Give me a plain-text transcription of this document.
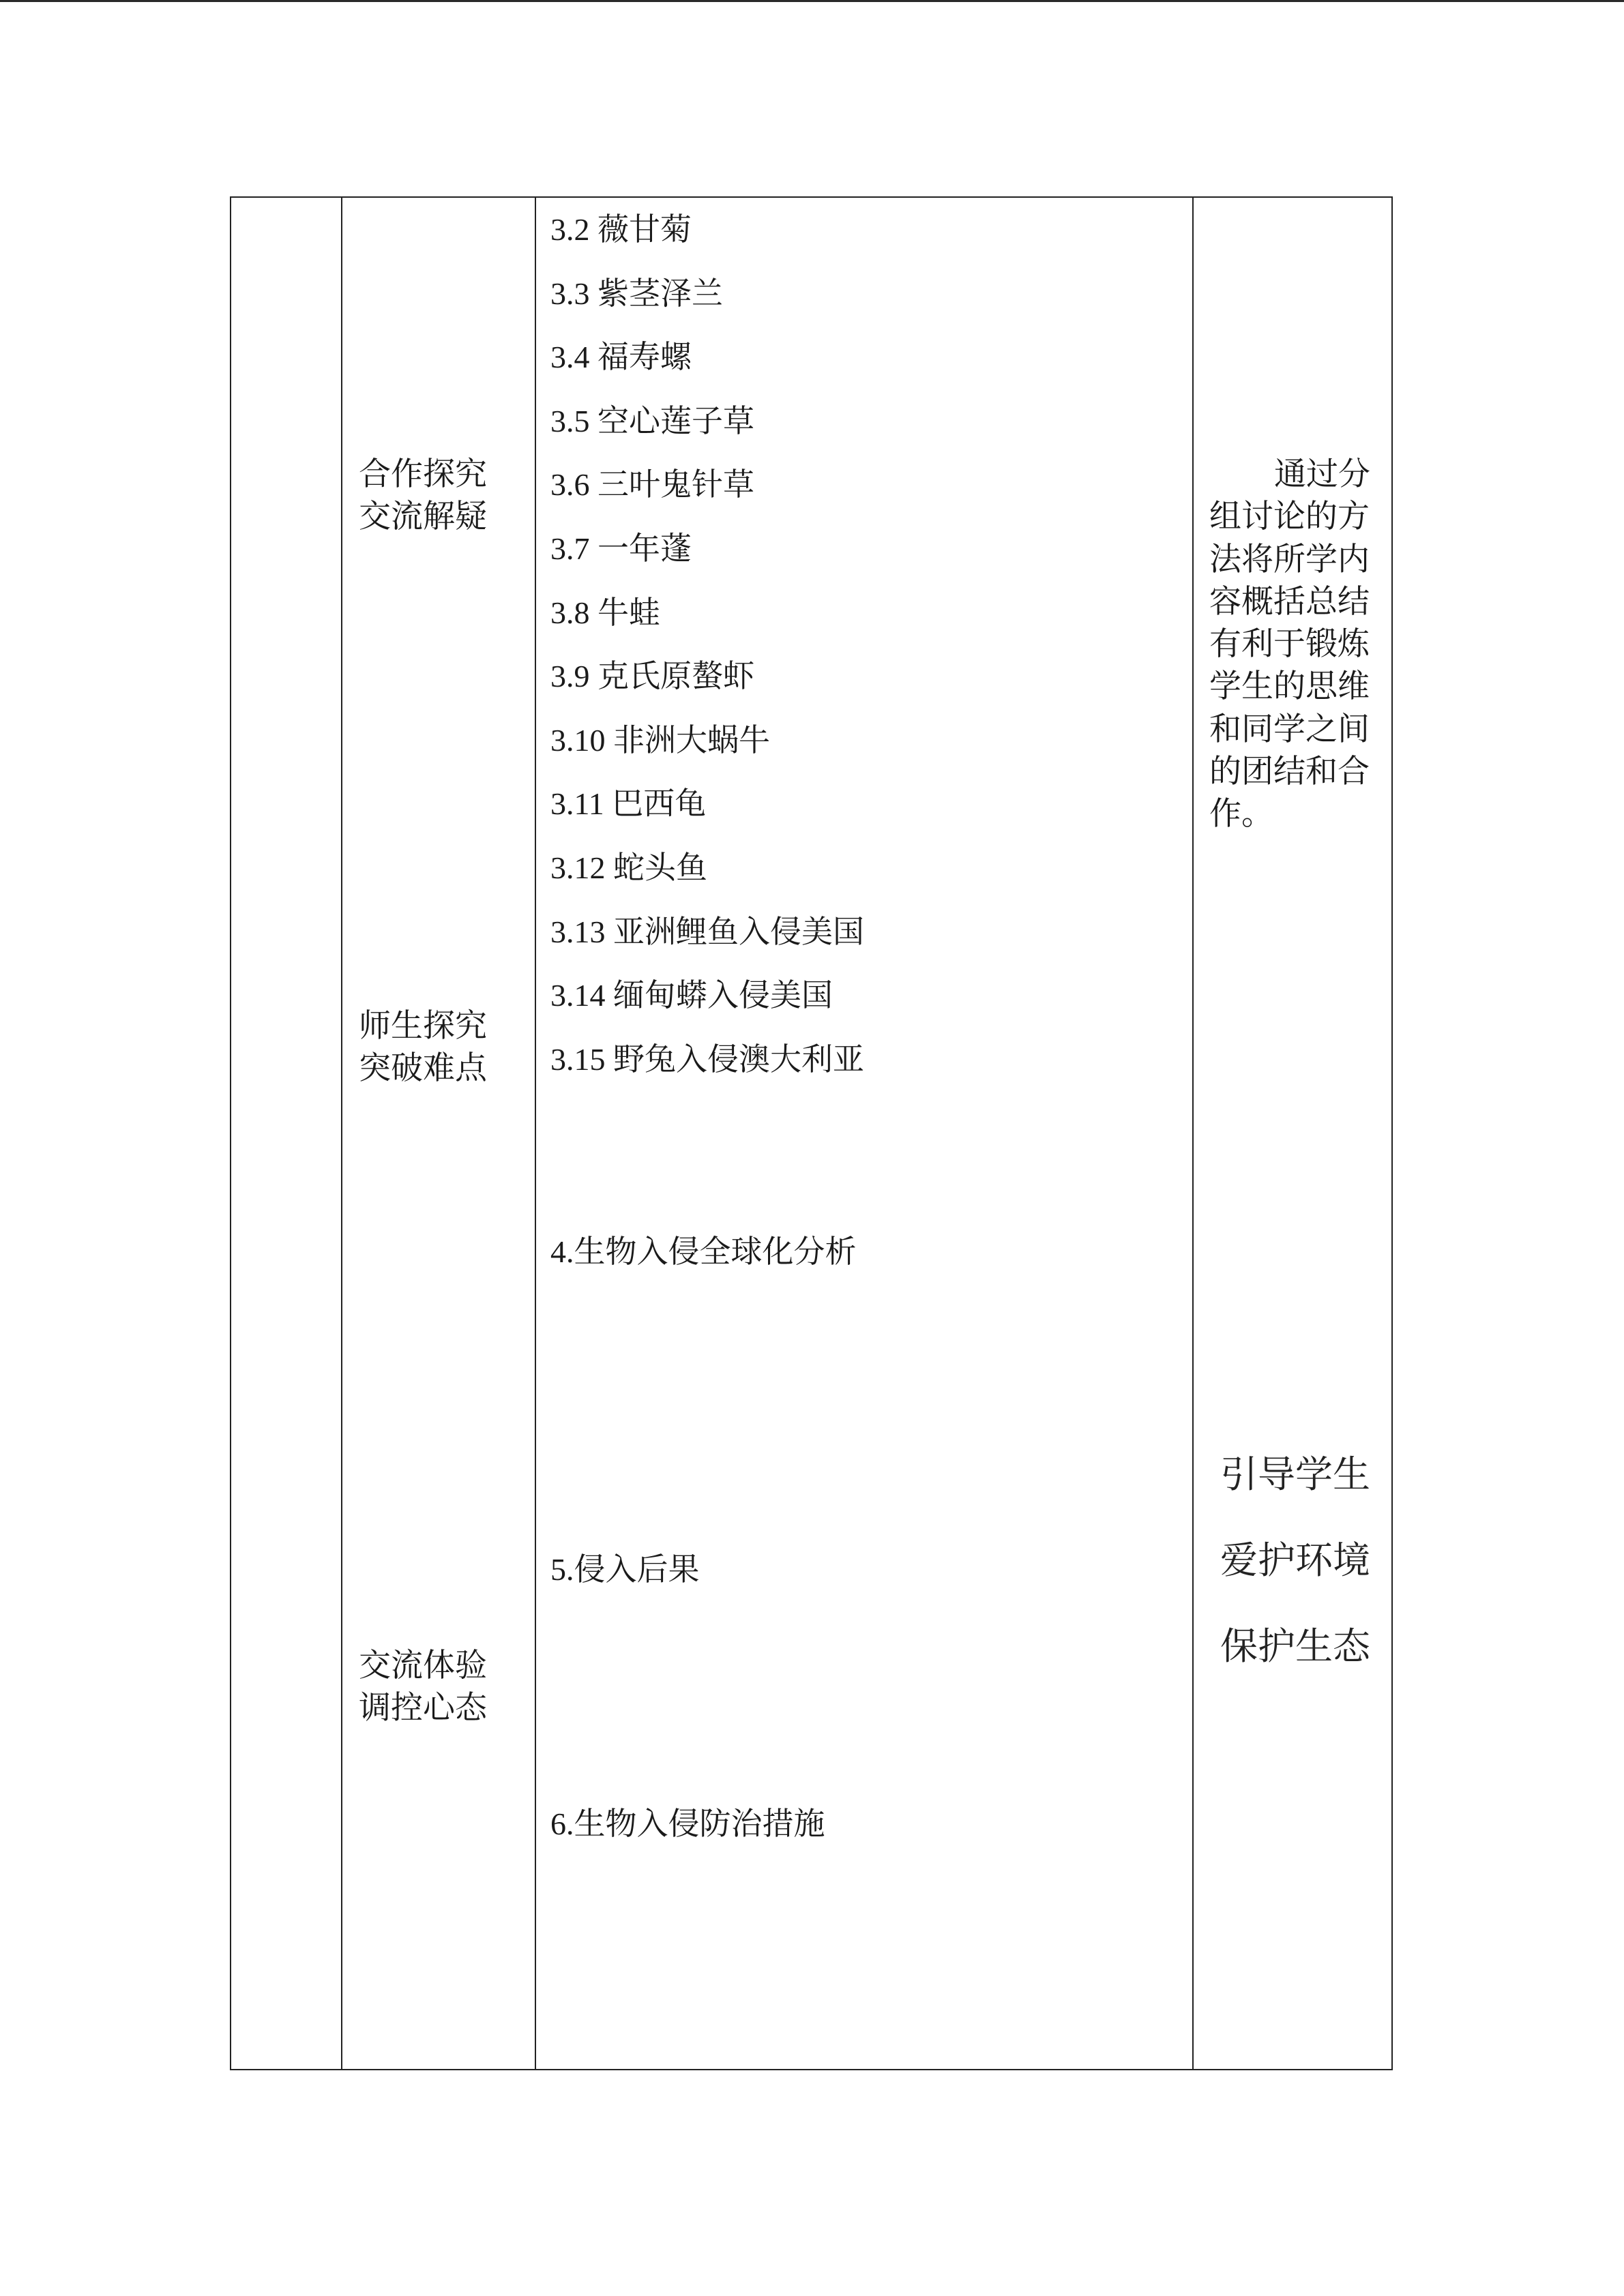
合作探究
交流解疑
师生探究
突破难点
交流体验
调控心态
3.2 薇甘菊
3.3 紫茎泽兰
3.4 福寿螺
3.5 空心莲子草
3.6 三叶鬼针草
3.7 一年蓬
3.8 牛蛙
3.9 克氏原螯虾
3.10 非洲大蜗牛
3.11 巴西龟
3.12 蛇头鱼
3.13 亚洲鲤鱼入侵美国
3.14 缅甸蟒入侵美国
3.15 野兔入侵澳大利亚
4.生物入侵全球化分析
5.侵入后果
6.生物入侵防治措施
通过分
组讨论的方
法将所学内
容概括总结
有利于锻炼
学生的思维
和同学之间
的团结和合
作。
引导学生
爱护环境
保护生态
